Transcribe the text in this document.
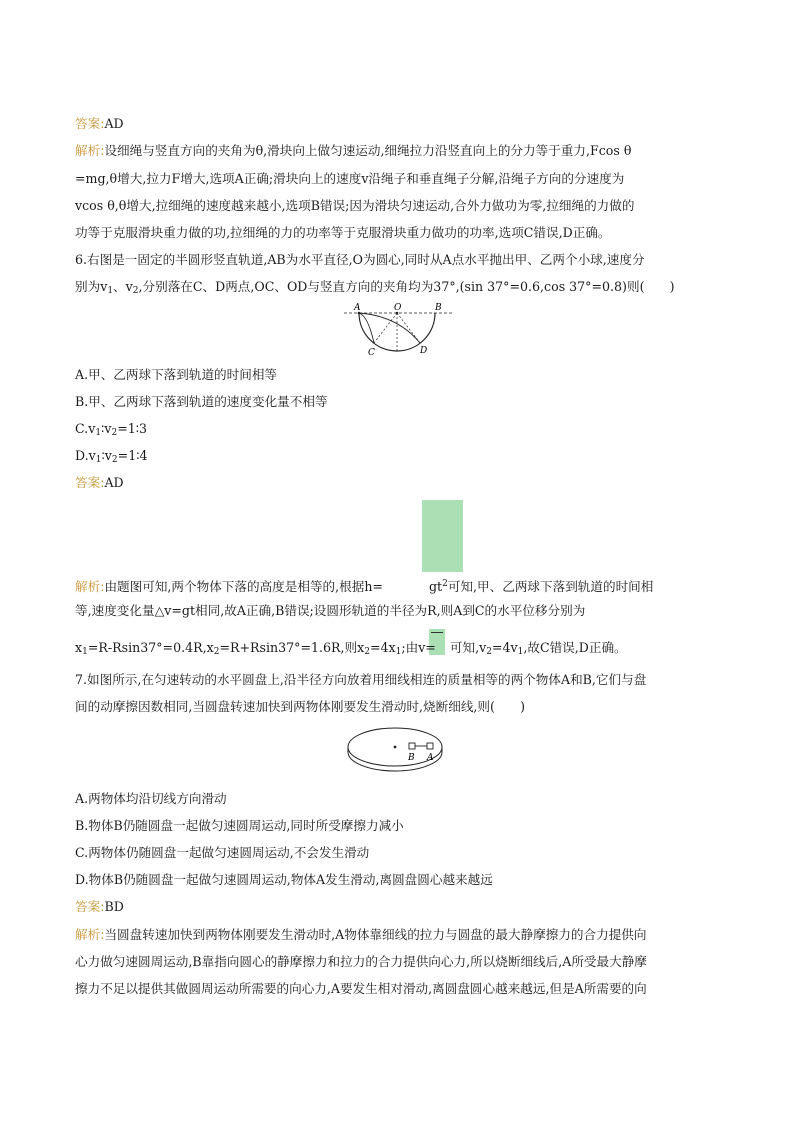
答案:AD
解析:设细绳与竖直方向的夹角为θ,滑块向上做匀速运动,细绳拉力沿竖直向上的分力等于重力,Fcos θ
=mg,θ增大,拉力F增大,选项A正确;滑块向上的速度v沿绳子和垂直绳子分解,沿绳子方向的分速度为
vcos θ,θ增大,拉细绳的速度越来越小,选项B错误;因为滑块匀速运动,合外力做功为零,拉细绳的力做的
功等于克服滑块重力做的功,拉细绳的力的功率等于克服滑块重力做功的功率,选项C错误,D正确。
6.右图是一固定的半圆形竖直轨道,AB为水平直径,O为圆心,同时从A点水平抛出甲、乙两个小球,速度分
别为$v_1$、$v_2$,分别落在C、D两点,OC、OD与竖直方向的夹角均为37°,(sin 37°=0.6,cos 37°=0.8)则(　　)
A	O	B
C	D
A.甲、乙两球下落到轨道的时间相等
B.甲、乙两球下落到轨道的速度变化量不相等
$C.v_1∶v_2=1∶3$
$D.v_1∶v_2=1∶4$
答案:AD
解析:由题图可知,两个物体下落的高度是相等的,根据h=	$gt^2$可知,甲、乙两球下落到轨道的时间相
等,速度变化量△v=gt相同,故A正确,B错误;设圆形轨道的半径为R,则A到C的水平位移分别为
$x_1=R-Rsin37^\circ=0.4R,x_2=R+Rsin37^\circ=1.6R$,则$x_2=4x_1$;由v= 可知$,v_2=4v_1$,故C错误,D正确。
7.如图所示,在匀速转动的水平圆盘上,沿半径方向放着用细线相连的质量相等的两个物体A和B,它们与盘
间的动摩擦因数相同,当圆盘转速加快到两物体刚要发生滑动时,烧断细线,则(　　)
B A
A.两物体均沿切线方向滑动
B.物体B仍随圆盘一起做匀速圆周运动,同时所受摩擦力减小
C.两物体仍随圆盘一起做匀速圆周运动,不会发生滑动
D.物体B仍随圆盘一起做匀速圆周运动,物体A发生滑动,离圆盘圆心越来越远
答案:BD
解析:当圆盘转速加快到两物体刚要发生滑动时,A物体靠细线的拉力与圆盘的最大静摩擦力的合力提供向
心力做匀速圆周运动,B靠指向圆心的静摩擦力和拉力的合力提供向心力,所以烧断细线后,A所受最大静摩
擦力不足以提供其做圆周运动所需要的向心力,A要发生相对滑动,离圆盘圆心越来越远,但是A所需要的向
